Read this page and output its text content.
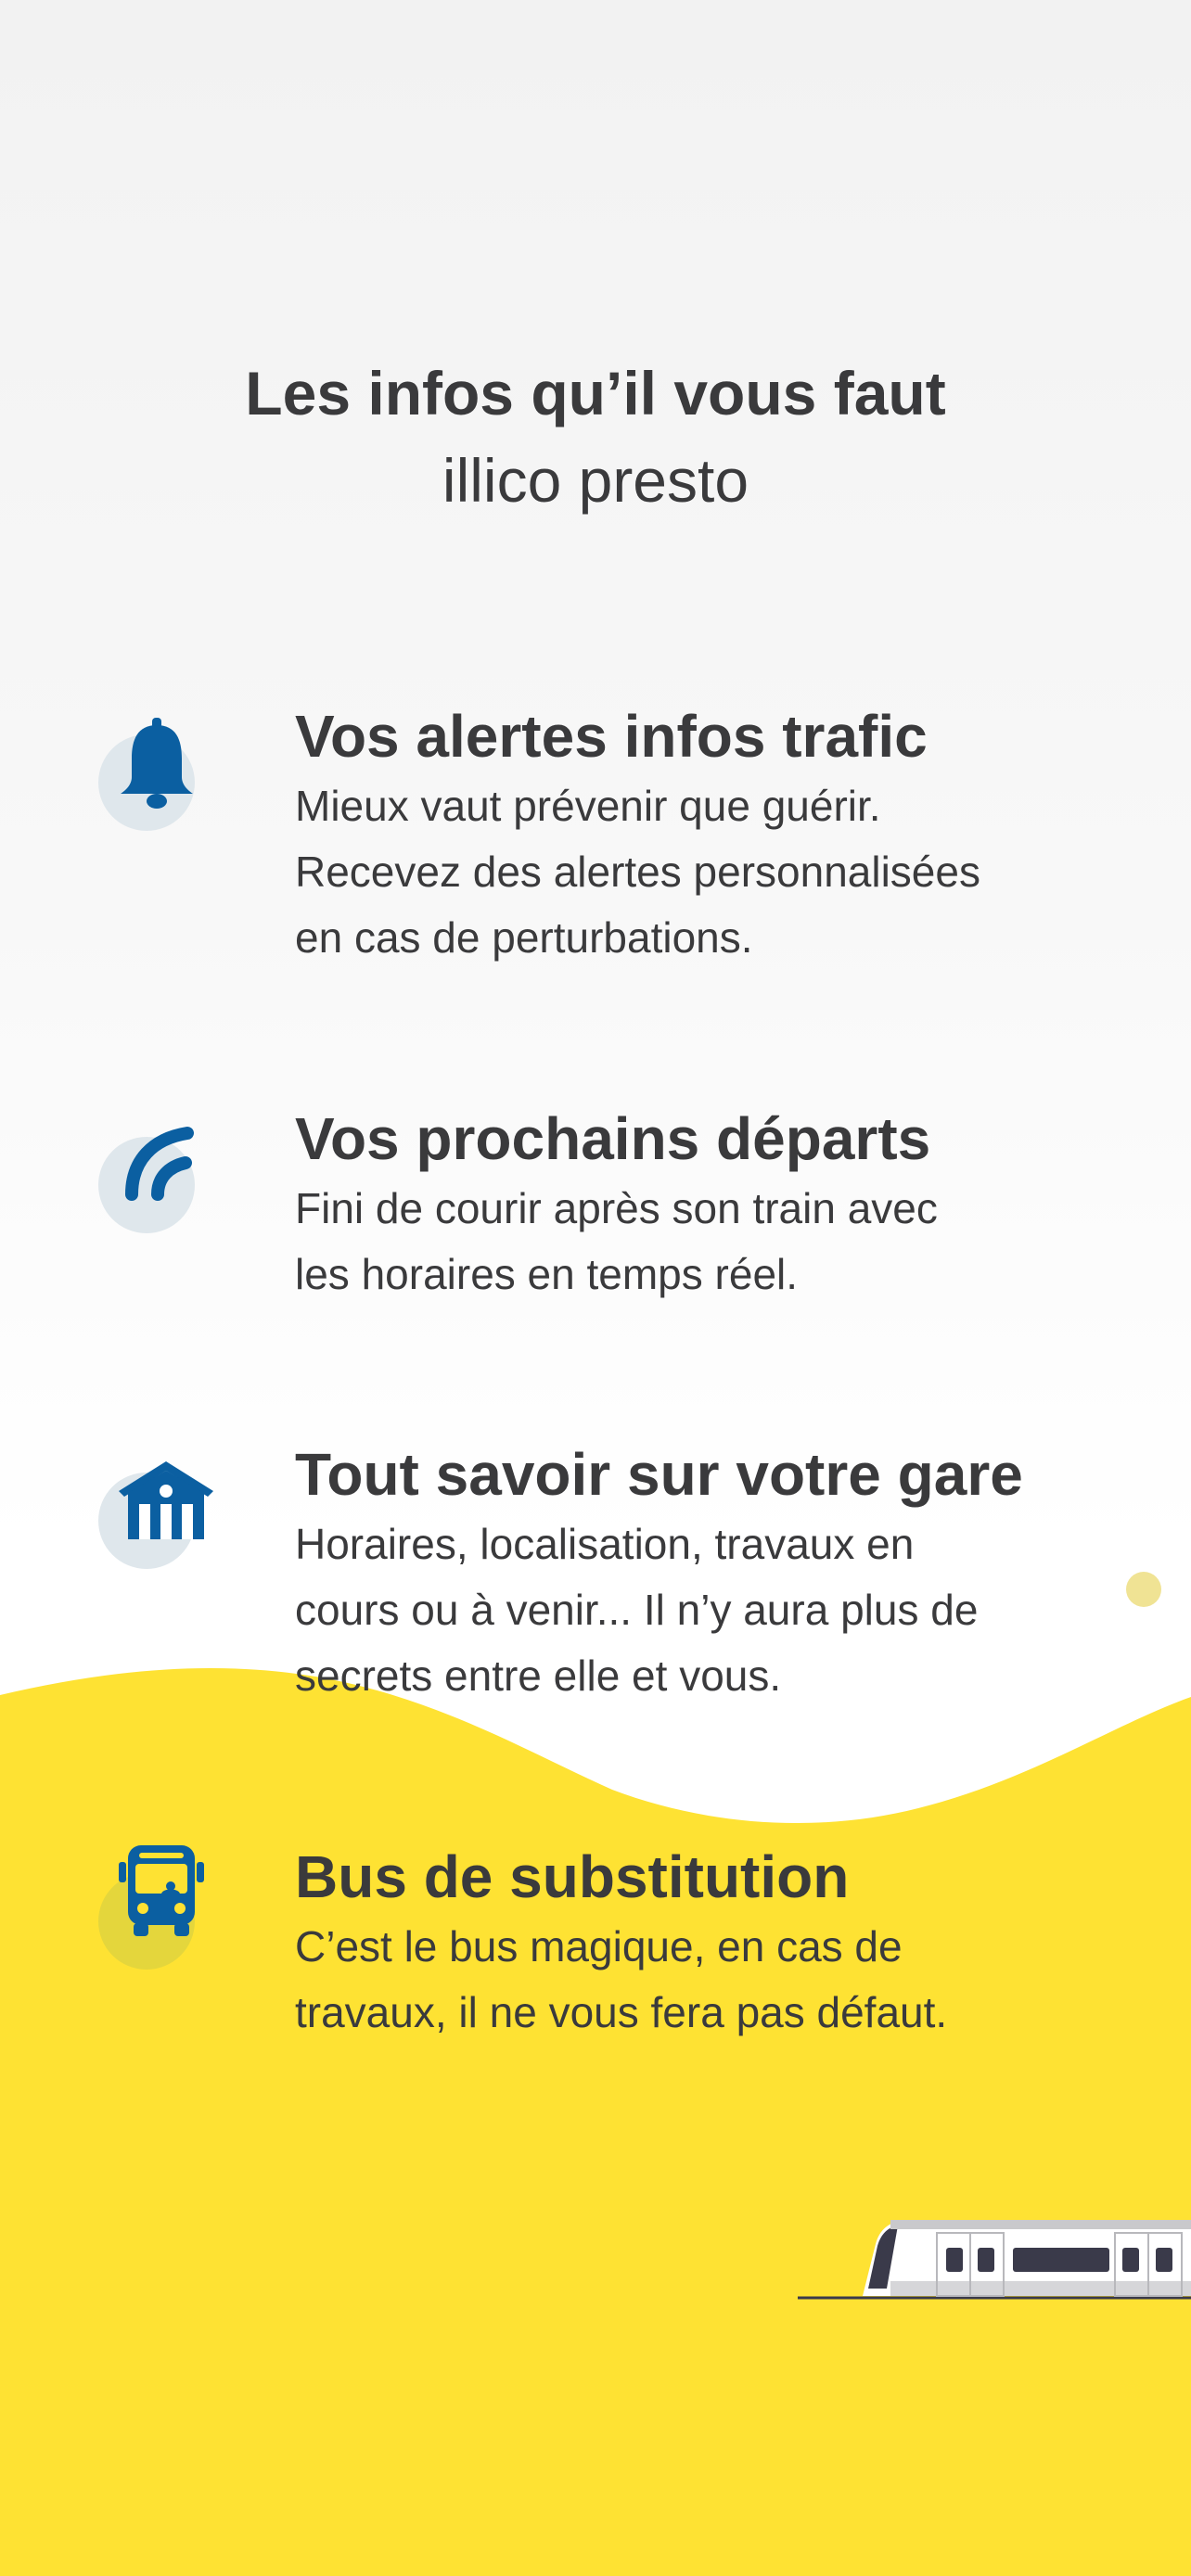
Les infos qu’il vous faut

illico presto

Vos alertes infos trafic

Mieux vaut prévenir que guérir.
Recevez des alertes personnalisées
en cas de perturbations.

Vos prochains départs

Fini de courir après son train avec
les horaires en temps réel.

Tout savoir sur votre gare

Horaires, localisation, travaux en
cours ou à venir... Il n’y aura plus de
secrets entre elle et vous.

Bus de substitution

C’est le bus magique, en cas de
travaux, il ne vous fera pas défaut.
